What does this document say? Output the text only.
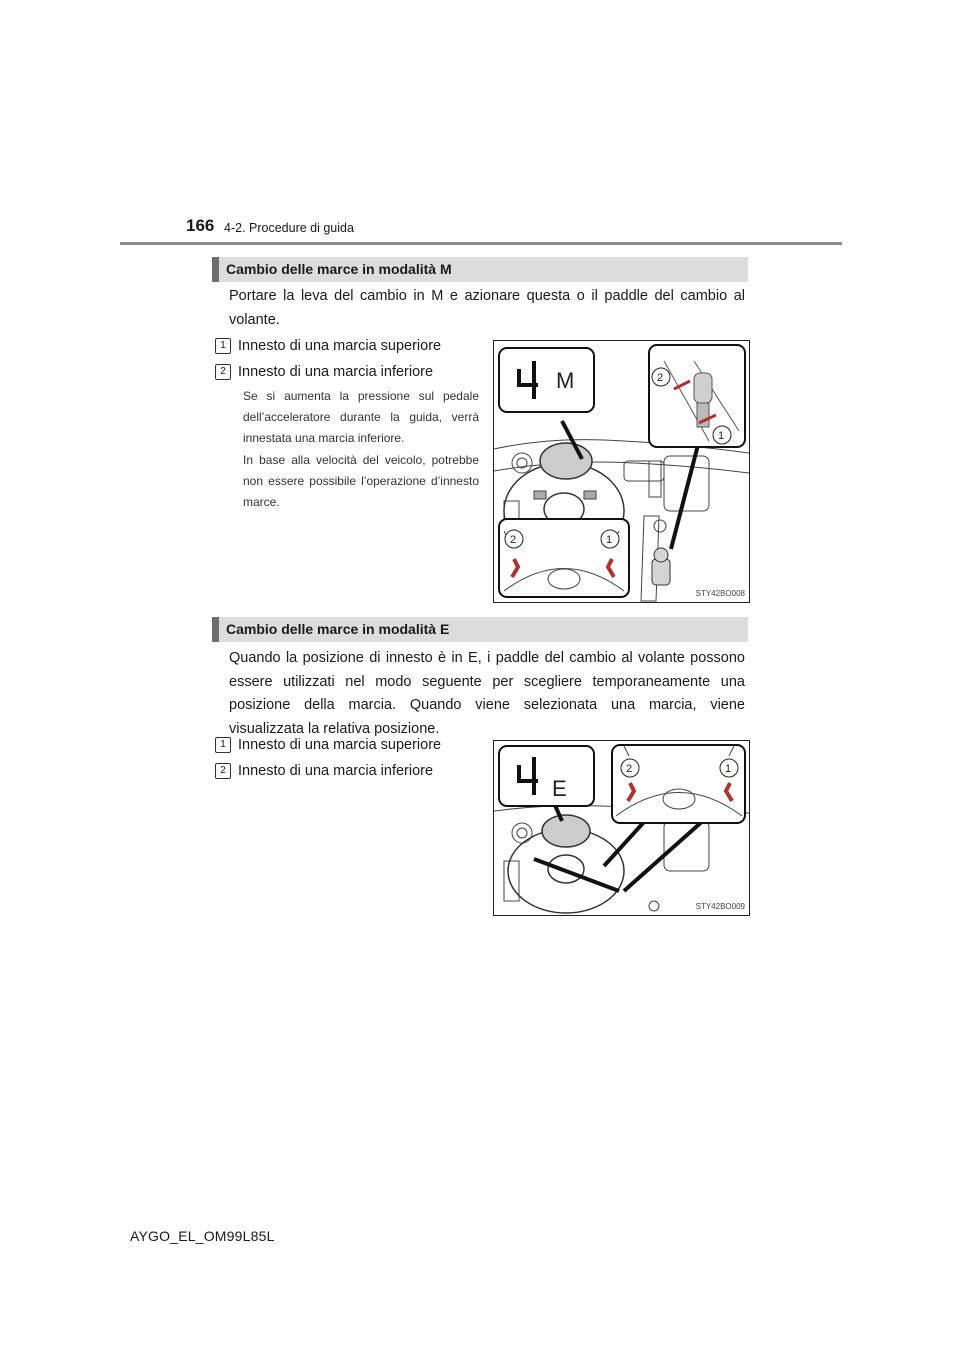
166 4-2. Procedure di guida
Cambio delle marce in modalità M

Portare la leva del cambio in M e azionare questa o il paddle del cambio al volante.

1 Innesto di una marcia superiore
2 Innesto di una marcia inferiore

Se si aumenta la pressione sul pedale dell’acceleratore durante la guida, verrà innestata una marcia inferiore.

In base alla velocità del veicolo, potrebbe non essere possibile l’operazione d’innesto marce.

M	2
1
2	1
STY42BO008
Cambio delle marce in modalità E

Quando la posizione di innesto è in E, i paddle del cambio al volante possono essere utilizzati nel modo seguente per scegliere temporaneamente una posizione della marcia. Quando viene selezionata una marcia, viene visualizzata la relativa posizione.

1 Innesto di una marcia superiore
2 Innesto di una marcia inferiore
E
2	1
STY42BO009
AYGO_EL_OM99L85L
